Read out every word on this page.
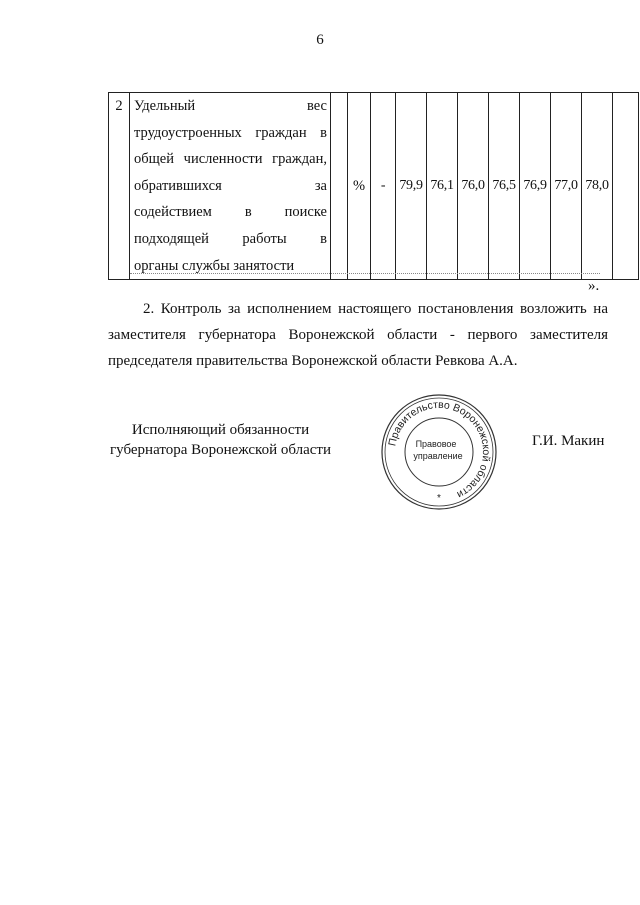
6
2	Удельный вес
трудоустроенных граждан в
общей численности граждан,
обратившихся за
содействием в поиске
подходящей работы в
органы службы занятости
		%	-	79,9	76,1	76,0	76,5	76,9	77,0	78,0	
».
2. Контроль за исполнением настоящего постановления возложить на заместителя губернатора Воронежской области - первого заместителя председателя правительства Воронежской области Ревкова А.А.
Исполняющий обязанности
губернатора Воронежской области	Правительство Воронежской области
Правовое
управление
*
Г.И. Макин
